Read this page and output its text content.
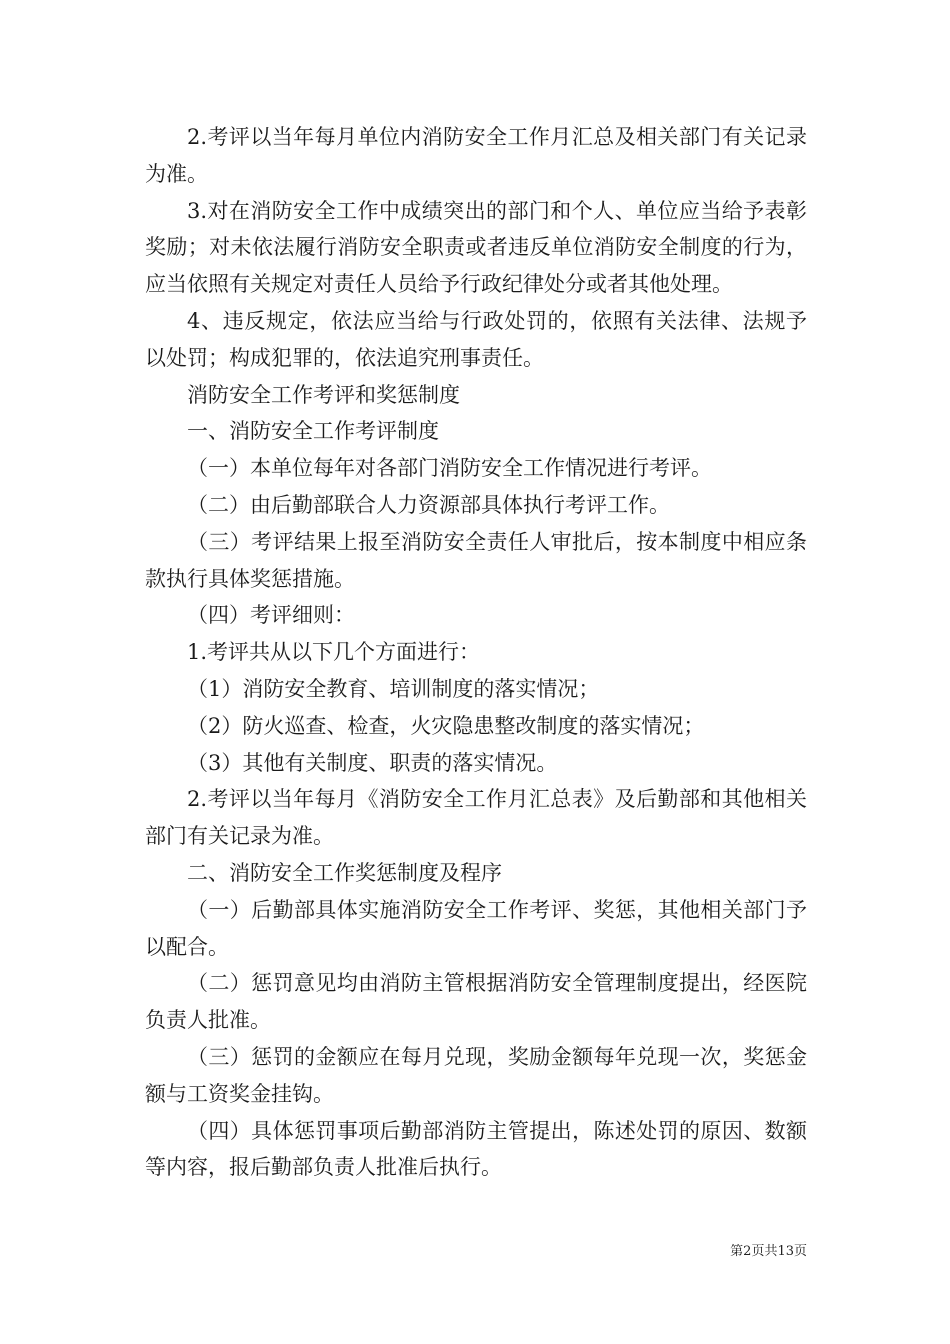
2.考评以当年每月单位内消防安全工作月汇总及相关部门有关记录为准。

3.对在消防安全工作中成绩突出的部门和个人、单位应当给予表彰奖励；对未依法履行消防安全职责或者违反单位消防安全制度的行为，应当依照有关规定对责任人员给予行政纪律处分或者其他处理。

4、违反规定，依法应当给与行政处罚的，依照有关法律、法规予以处罚；构成犯罪的，依法追究刑事责任。

消防安全工作考评和奖惩制度

一、消防安全工作考评制度

（一）本单位每年对各部门消防安全工作情况进行考评。

（二）由后勤部联合人力资源部具体执行考评工作。

（三）考评结果上报至消防安全责任人审批后，按本制度中相应条款执行具体奖惩措施。

（四）考评细则：

1.考评共从以下几个方面进行：

（1）消防安全教育、培训制度的落实情况；

（2）防火巡查、检查，火灾隐患整改制度的落实情况；

（3）其他有关制度、职责的落实情况。

2.考评以当年每月《消防安全工作月汇总表》及后勤部和其他相关部门有关记录为准。

二、消防安全工作奖惩制度及程序

（一）后勤部具体实施消防安全工作考评、奖惩，其他相关部门予以配合。

（二）惩罚意见均由消防主管根据消防安全管理制度提出，经医院负责人批准。

（三）惩罚的金额应在每月兑现，奖励金额每年兑现一次，奖惩金额与工资奖金挂钩。

（四）具体惩罚事项后勤部消防主管提出，陈述处罚的原因、数额等内容，报后勤部负责人批准后执行。

第2页共13页
